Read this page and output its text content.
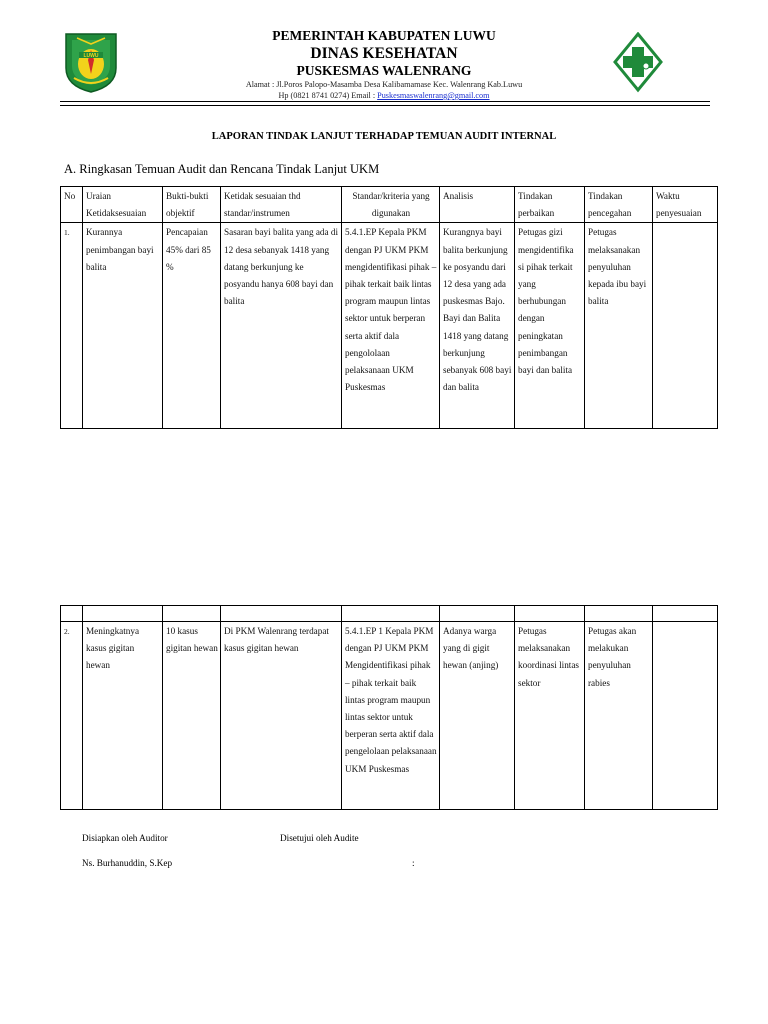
LUWU
PEMERINTAH KABUPATEN LUWU
DINAS KESEHATAN
PUSKESMAS WALENRANG
Alamat : Jl.Poros Palopo-Masamba Desa Kalibamamase Kec. Walenrang Kab.Luwu
Hp (0821 8741 0274) Email : Puskesmaswalenrang@gmail.com
LAPORAN TINDAK LANJUT TERHADAP TEMUAN AUDIT INTERNAL
A. Ringkasan Temuan Audit dan Rencana Tindak Lanjut UKM
No	Uraian Ketidaksesuaian	Bukti-bukti objektif	Ketidak sesuaian thd standar/instrumen	Standar/kriteria yang digunakan	Analisis	Tindakan perbaikan	Tindakan pencegahan	Waktu penyesuaian
1.	Kurannya penimbangan bayi balita	Pencapaian 45% dari 85 %	Sasaran bayi balita yang ada di 12 desa sebanyak 1418 yang datang berkunjung ke posyandu hanya 608 bayi dan balita	5.4.1.EP Kepala PKM dengan PJ UKM PKM mengidentifikasi pihak – pihak terkait baik lintas program maupun lintas sektor untuk berperan serta aktif dala pengololaan pelaksanaan UKM Puskesmas	Kurangnya bayi balita berkunjung ke posyandu dari 12 desa yang ada puskesmas Bajo. Bayi dan Balita 1418 yang datang berkunjung sebanyak 608 bayi dan balita	Petugas gizi mengidentifika si pihak terkait yang berhubungan dengan peningkatan penimbangan bayi dan balita	Petugas melaksanakan penyuluhan kepada ibu bayi balita	

2.	Meningkatnya kasus gigitan hewan	10 kasus gigitan hewan	Di PKM Walenrang terdapat kasus gigitan hewan	5.4.1.EP 1 Kepala PKM dengan PJ UKM PKM Mengidentifikasi pihak – pihak terkait baik lintas program maupun lintas sektor untuk berperan serta aktif dala pengelolaan pelaksanaan UKM Puskesmas	Adanya warga yang di gigit hewan (anjing)	Petugas melaksanakan koordinasi lintas sektor	Petugas akan melakukan penyuluhan rabies	
Disiapkan oleh Auditor	Disetujui oleh Audite
Ns. Burhanuddin, S.Kep	:
